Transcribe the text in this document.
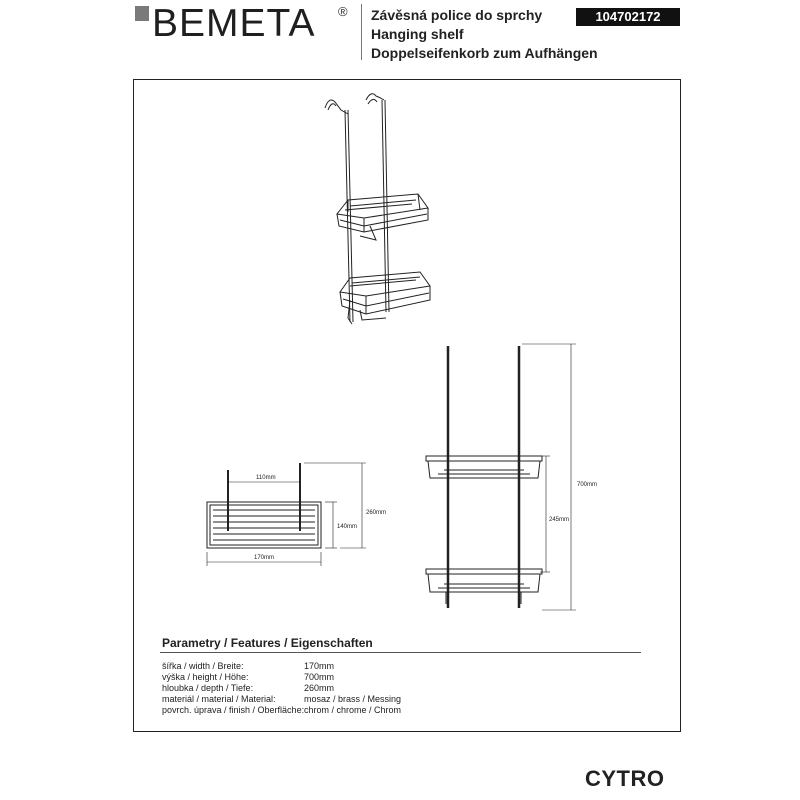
BEMETA ® Závěsná police do sprchy
Hanging shelf
Doppelseifenkorb zum Aufhängen
104702172
110mm
170mm
140mm
260mm
700mm
245mm
Parametry / Features / Eigenschaften
šířka / width / Breite:	170mm
výška / height / Höhe:	700mm
hloubka / depth / Tiefe:	260mm
materiál / material / Material:	mosaz / brass / Messing
povrch. úprava / finish / Oberfläche: chrom / chrome / Chrom
CYTRO
